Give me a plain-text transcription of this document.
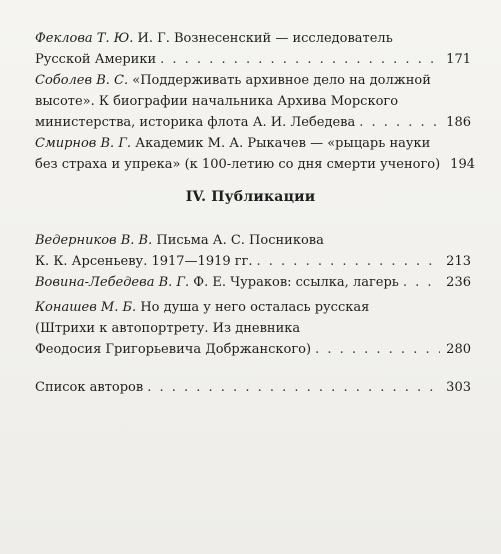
Феклова Т. Ю.
И. Г. Вознесенский — исследователь
Русской Америки . . .	171
Соболев В. С.
«Поддерживать архивное дело на должной
высоте». К биографии начальника Архива Морского
министерства, историка флота А. И. Лебедева . . .	186
Смирнов В. Г.
Академик М. А. Рыкачев — «рыцарь науки
без страха и упрека» (к 100-летию со дня смерти ученого) 194
IV. Публикации
Ведерников В. В.
Письма А. С. Посникова
К. К. Арсеньеву. 1917—1919 гг. . . .	213
Вовина-Лебедева В. Г.
Ф. Е. Чураков: ссылка, лагерь . . .	236
Конашев М. Б.
Но душа у него осталась русская
(Штрихи к автопортрету. Из дневника
Феодосия Григорьевича Добржанского) . . .	280
Список авторов . . .	303
